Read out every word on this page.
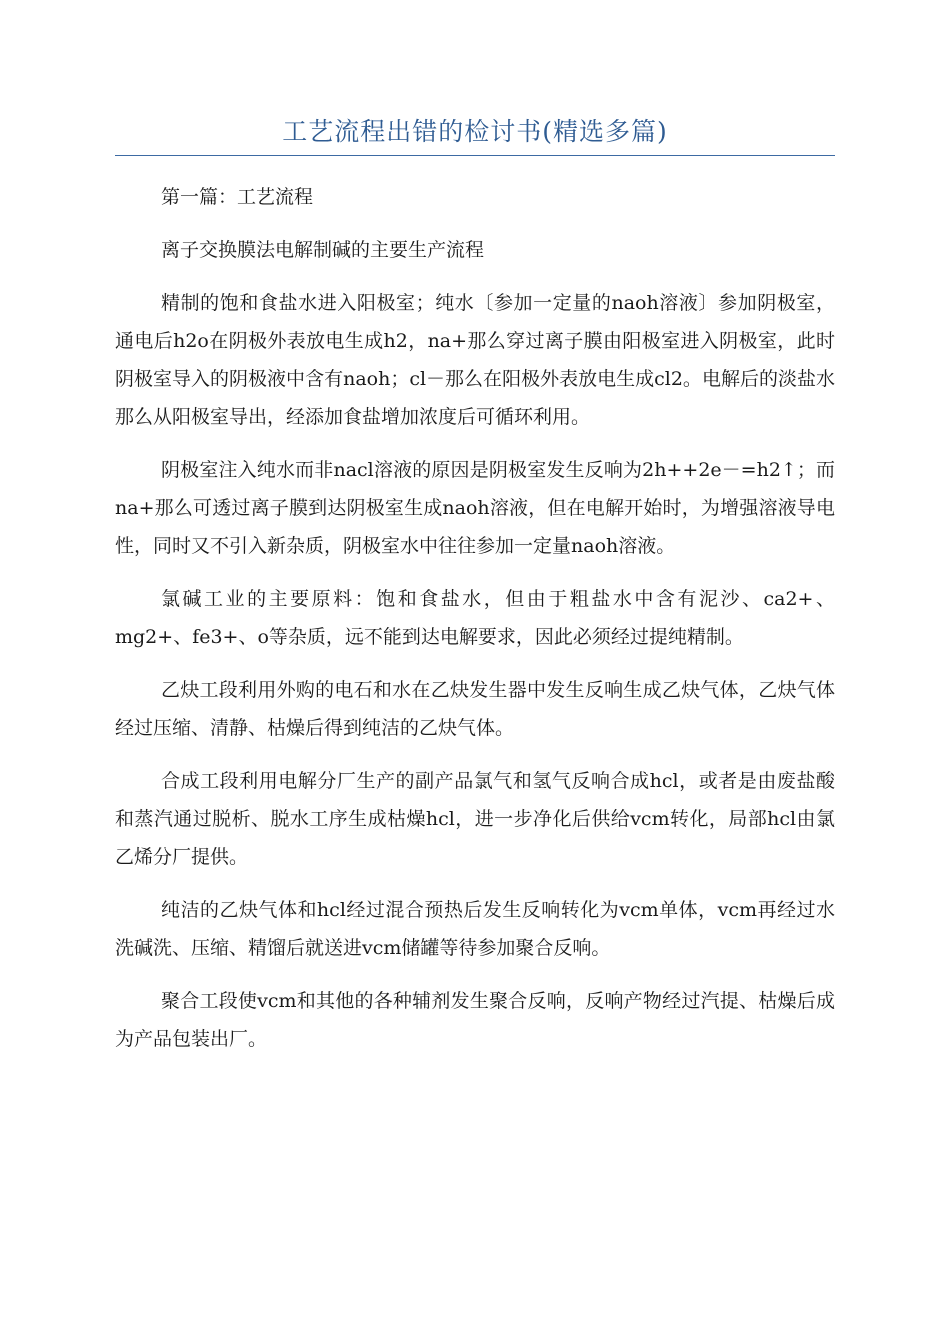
工艺流程出错的检讨书(精选多篇)

第一篇：工艺流程

离子交换膜法电解制碱的主要生产流程

精制的饱和食盐水进入阳极室；纯水〔参加一定量的naoh溶液〕参加阴极室，通电后h2o在阴极外表放电生成h2，na+那么穿过离子膜由阳极室进入阴极室，此时阴极室导入的阴极液中含有naoh；cl－那么在阳极外表放电生成cl2。电解后的淡盐水那么从阳极室导出，经添加食盐增加浓度后可循环利用。

阴极室注入纯水而非nacl溶液的原因是阴极室发生反响为2h++2e－=h2↑；而na+那么可透过离子膜到达阴极室生成naoh溶液，但在电解开始时，为增强溶液导电性，同时又不引入新杂质，阴极室水中往往参加一定量naoh溶液。

氯碱工业的主要原料：饱和食盐水，但由于粗盐水中含有泥沙、ca2+、mg2+、fe3+、o等杂质，远不能到达电解要求，因此必须经过提纯精制。

乙炔工段利用外购的电石和水在乙炔发生器中发生反响生成乙炔气体，乙炔气体经过压缩、清静、枯燥后得到纯洁的乙炔气体。

合成工段利用电解分厂生产的副产品氯气和氢气反响合成hcl，或者是由废盐酸和蒸汽通过脱析、脱水工序生成枯燥hcl，进一步净化后供给vcm转化，局部hcl由氯乙烯分厂提供。

纯洁的乙炔气体和hcl经过混合预热后发生反响转化为vcm单体，vcm再经过水洗碱洗、压缩、精馏后就送进vcm储罐等待参加聚合反响。

聚合工段使vcm和其他的各种辅剂发生聚合反响，反响产物经过汽提、枯燥后成为产品包装出厂。
